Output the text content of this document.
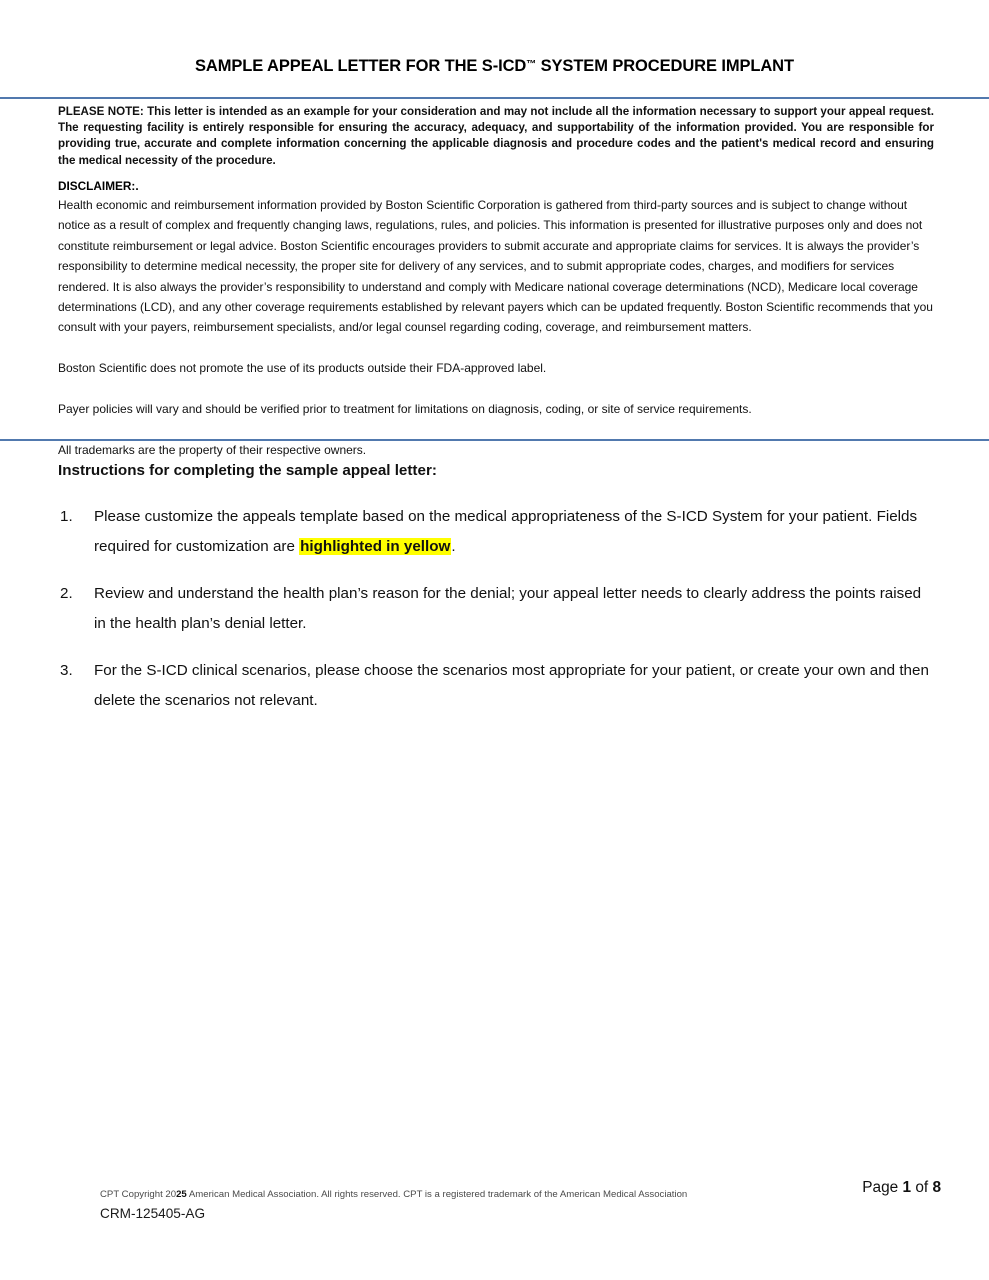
SAMPLE APPEAL LETTER FOR THE S-ICD™ SYSTEM PROCEDURE IMPLANT

PLEASE NOTE: This letter is intended as an example for your consideration and may not include all the information necessary to support your appeal request. The requesting facility is entirely responsible for ensuring the accuracy, adequacy, and supportability of the information provided. You are responsible for providing true, accurate and complete information concerning the applicable diagnosis and procedure codes and the patient's medical record and ensuring the medical necessity of the procedure.

DISCLAIMER:.

Health economic and reimbursement information provided by Boston Scientific Corporation is gathered from third-party sources and is subject to change without notice as a result of complex and frequently changing laws, regulations, rules, and policies. This information is presented for illustrative purposes only and does not constitute reimbursement or legal advice. Boston Scientific encourages providers to submit accurate and appropriate claims for services. It is always the provider’s responsibility to determine medical necessity, the proper site for delivery of any services, and to submit appropriate codes, charges, and modifiers for services rendered. It is also always the provider’s responsibility to understand and comply with Medicare national coverage determinations (NCD), Medicare local coverage determinations (LCD), and any other coverage requirements established by relevant payers which can be updated frequently. Boston Scientific recommends that you consult with your payers, reimbursement specialists, and/or legal counsel regarding coding, coverage, and reimbursement matters.

Boston Scientific does not promote the use of its products outside their FDA-approved label.

Payer policies will vary and should be verified prior to treatment for limitations on diagnosis, coding, or site of service requirements.

All trademarks are the property of their respective owners.

Instructions for completing the sample appeal letter:
1.	Please customize the appeals template based on the medical appropriateness of the S-ICD System for your patient. Fields required for customization are highlighted in yellow.
2.	Review and understand the health plan’s reason for the denial; your appeal letter needs to clearly address the points raised in the health plan’s denial letter.
3.	For the S-ICD clinical scenarios, please choose the scenarios most appropriate for your patient, or create your own and then delete the scenarios not relevant.
CPT Copyright 2025 American Medical Association. All rights reserved. CPT is a registered trademark of the American Medical Association
CRM-125405-AG
Page 1 of 8
